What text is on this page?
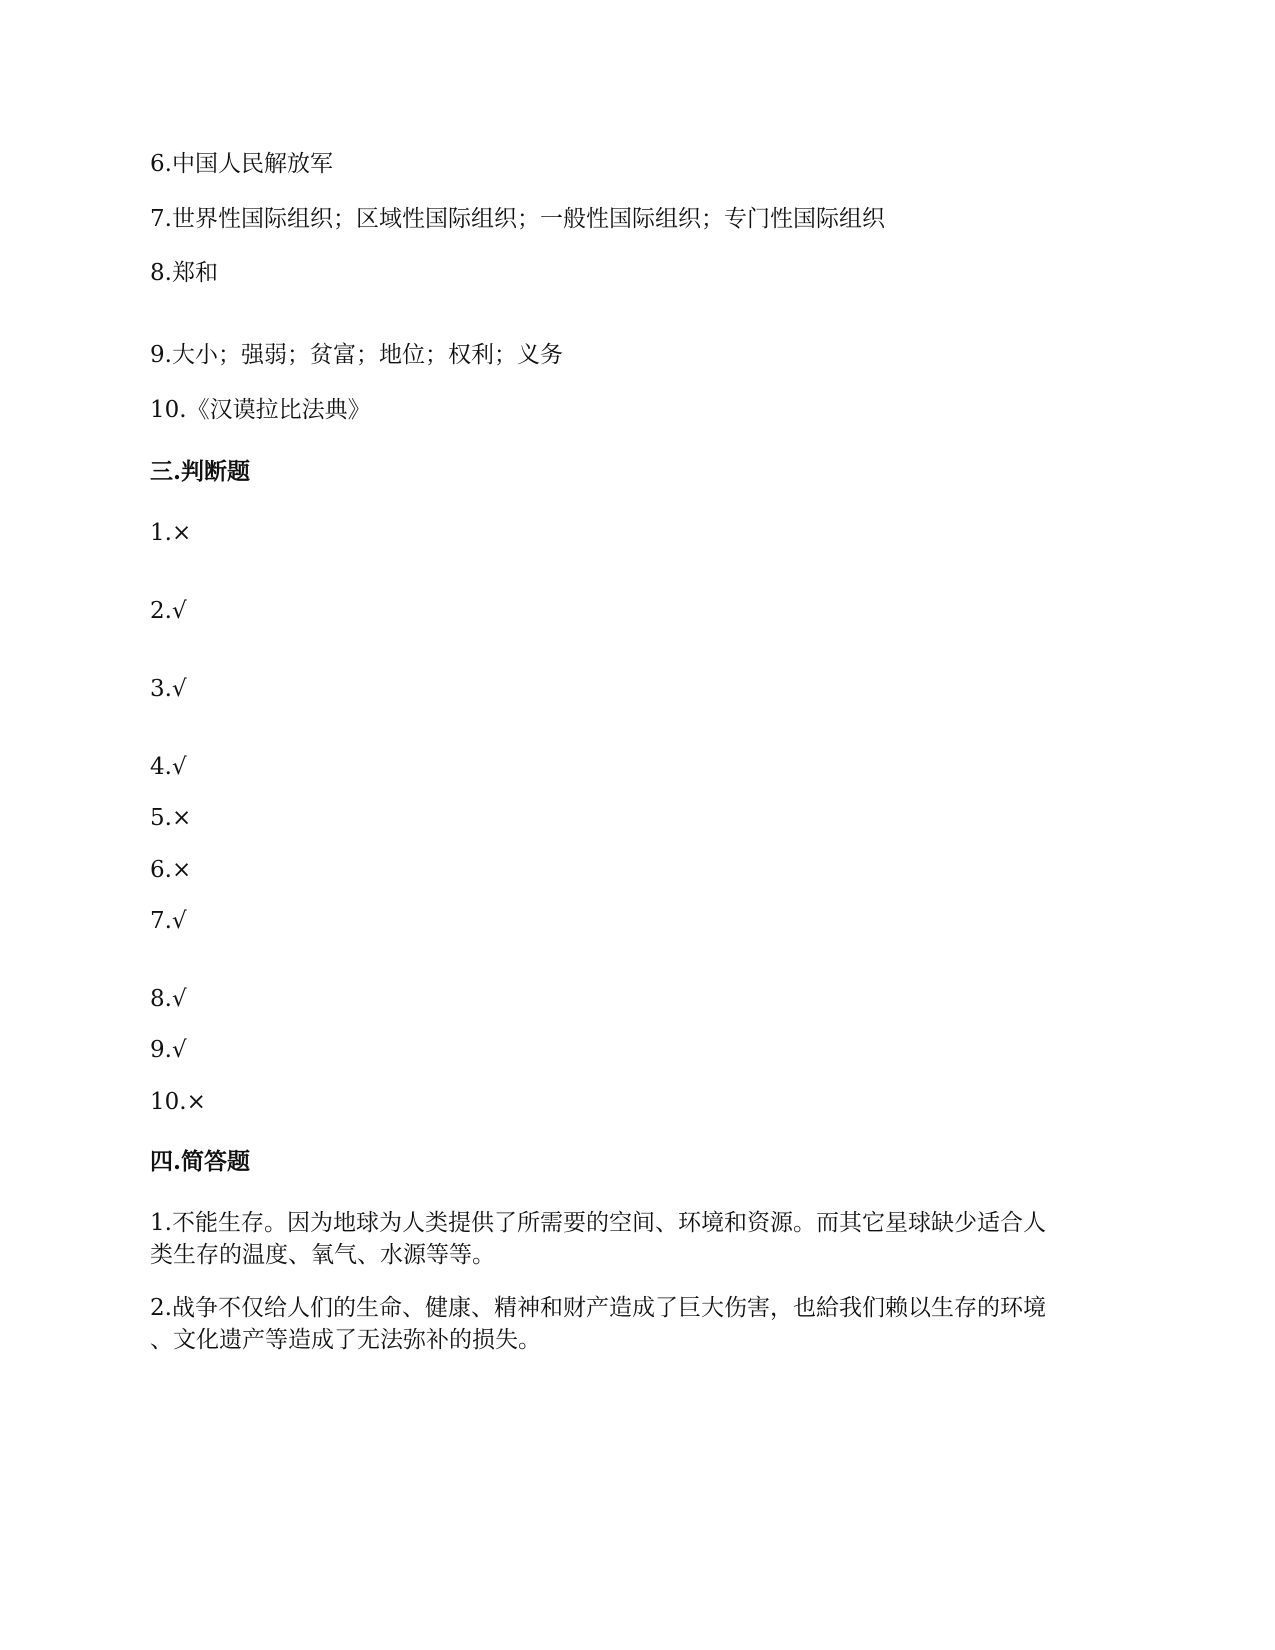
6.中国人民解放军
7.世界性国际组织；区域性国际组织；一般性国际组织；专门性国际组织
8.郑和
9.大小；强弱；贫富；地位；权利；义务
10.《汉谟拉比法典》
三.判断题
1.×
2.√
3.√
4.√
5.×
6.×
7.√
8.√
9.√
10.×
四.简答题
1.不能生存。因为地球为人类提供了所需要的空间、环境和资源。而其它星球缺少适合人
类生存的温度、氧气、水源等等。
2.战争不仅给人们的生命、健康、精神和财产造成了巨大伤害，也給我们赖以生存的环境
、文化遗产等造成了无法弥补的损失。
